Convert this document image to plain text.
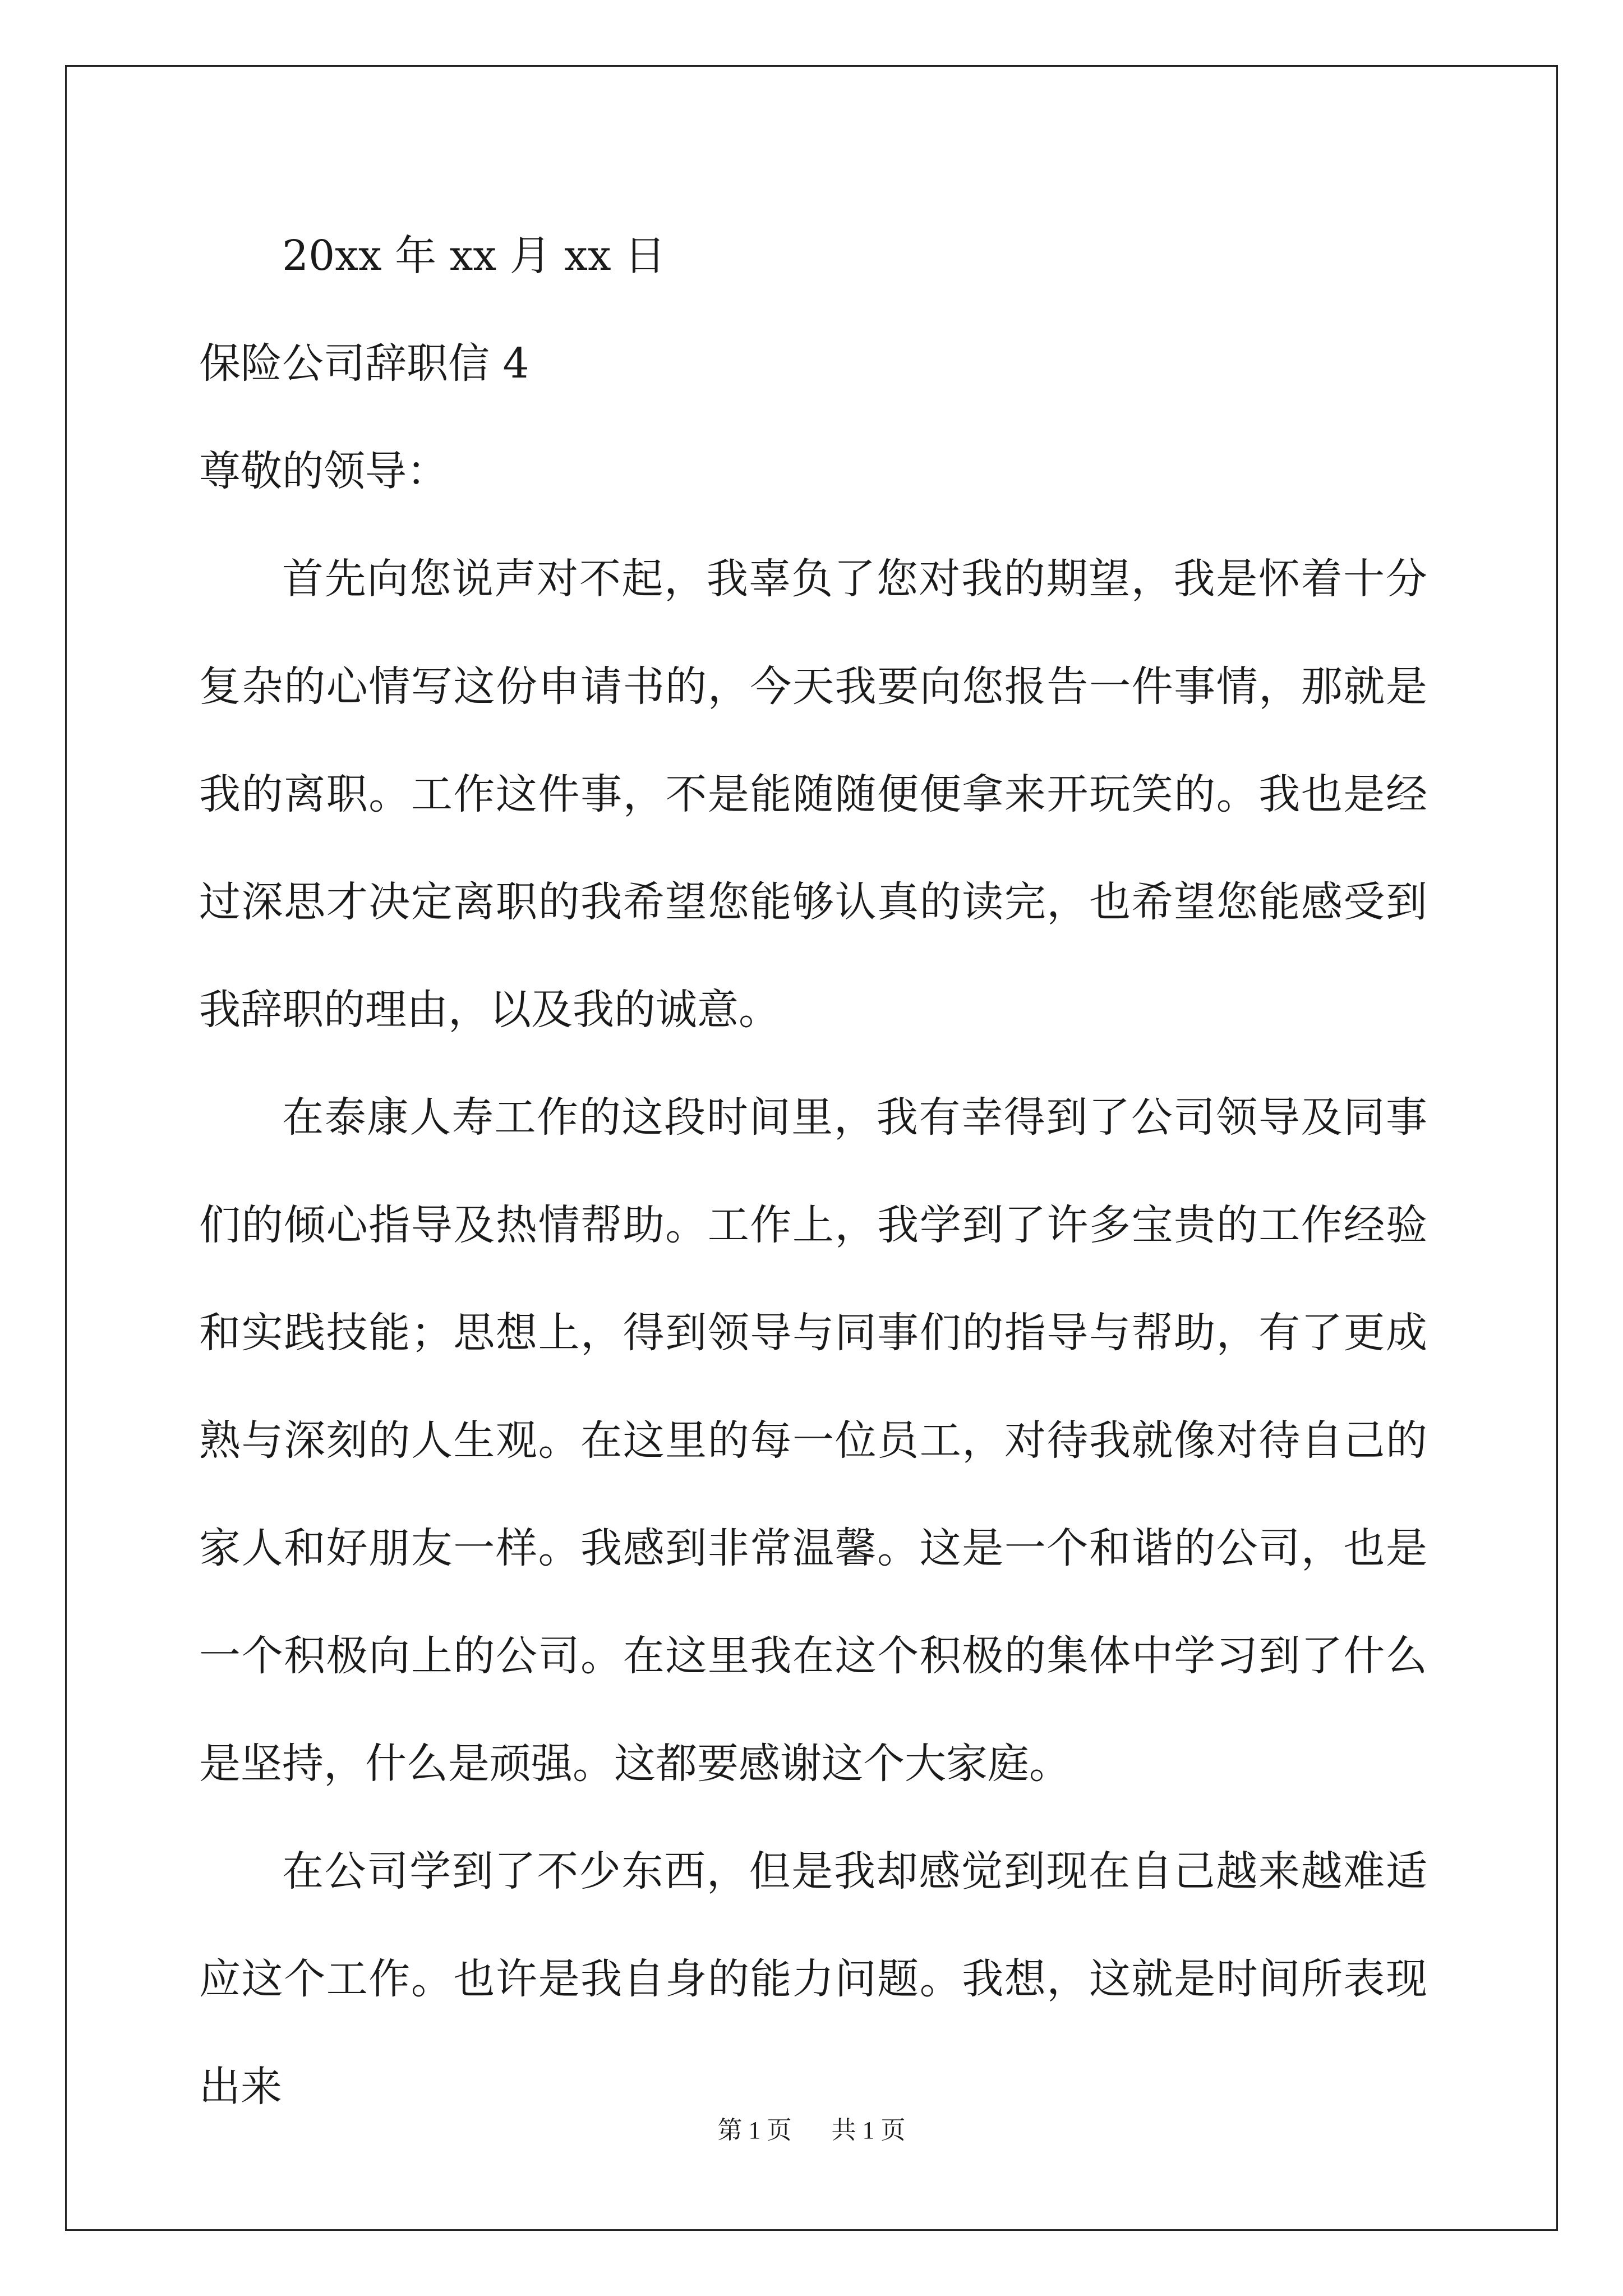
20xx 年 xx 月 xx 日
保险公司辞职信 4
尊敬的领导：
首先向您说声对不起，我辜负了您对我的期望，我是怀着十分复杂的心情写这份申请书的，今天我要向您报告一件事情，那就是我的离职。工作这件事，不是能随随便便拿来开玩笑的。我也是经过深思才决定离职的我希望您能够认真的读完，也希望您能感受到我辞职的理由，以及我的诚意。
在泰康人寿工作的这段时间里，我有幸得到了公司领导及同事们的倾心指导及热情帮助。工作上，我学到了许多宝贵的工作经验和实践技能；思想上，得到领导与同事们的指导与帮助，有了更成熟与深刻的人生观。在这里的每一位员工，对待我就像对待自己的家人和好朋友一样。我感到非常温馨。这是一个和谐的公司，也是一个积极向上的公司。在这里我在这个积极的集体中学习到了什么是坚持，什么是顽强。这都要感谢这个大家庭。
在公司学到了不少东西，但是我却感觉到现在自己越来越难适应这个工作。也许是我自身的能力问题。我想，这就是时间所表现出来
第 1 页 共 1 页
